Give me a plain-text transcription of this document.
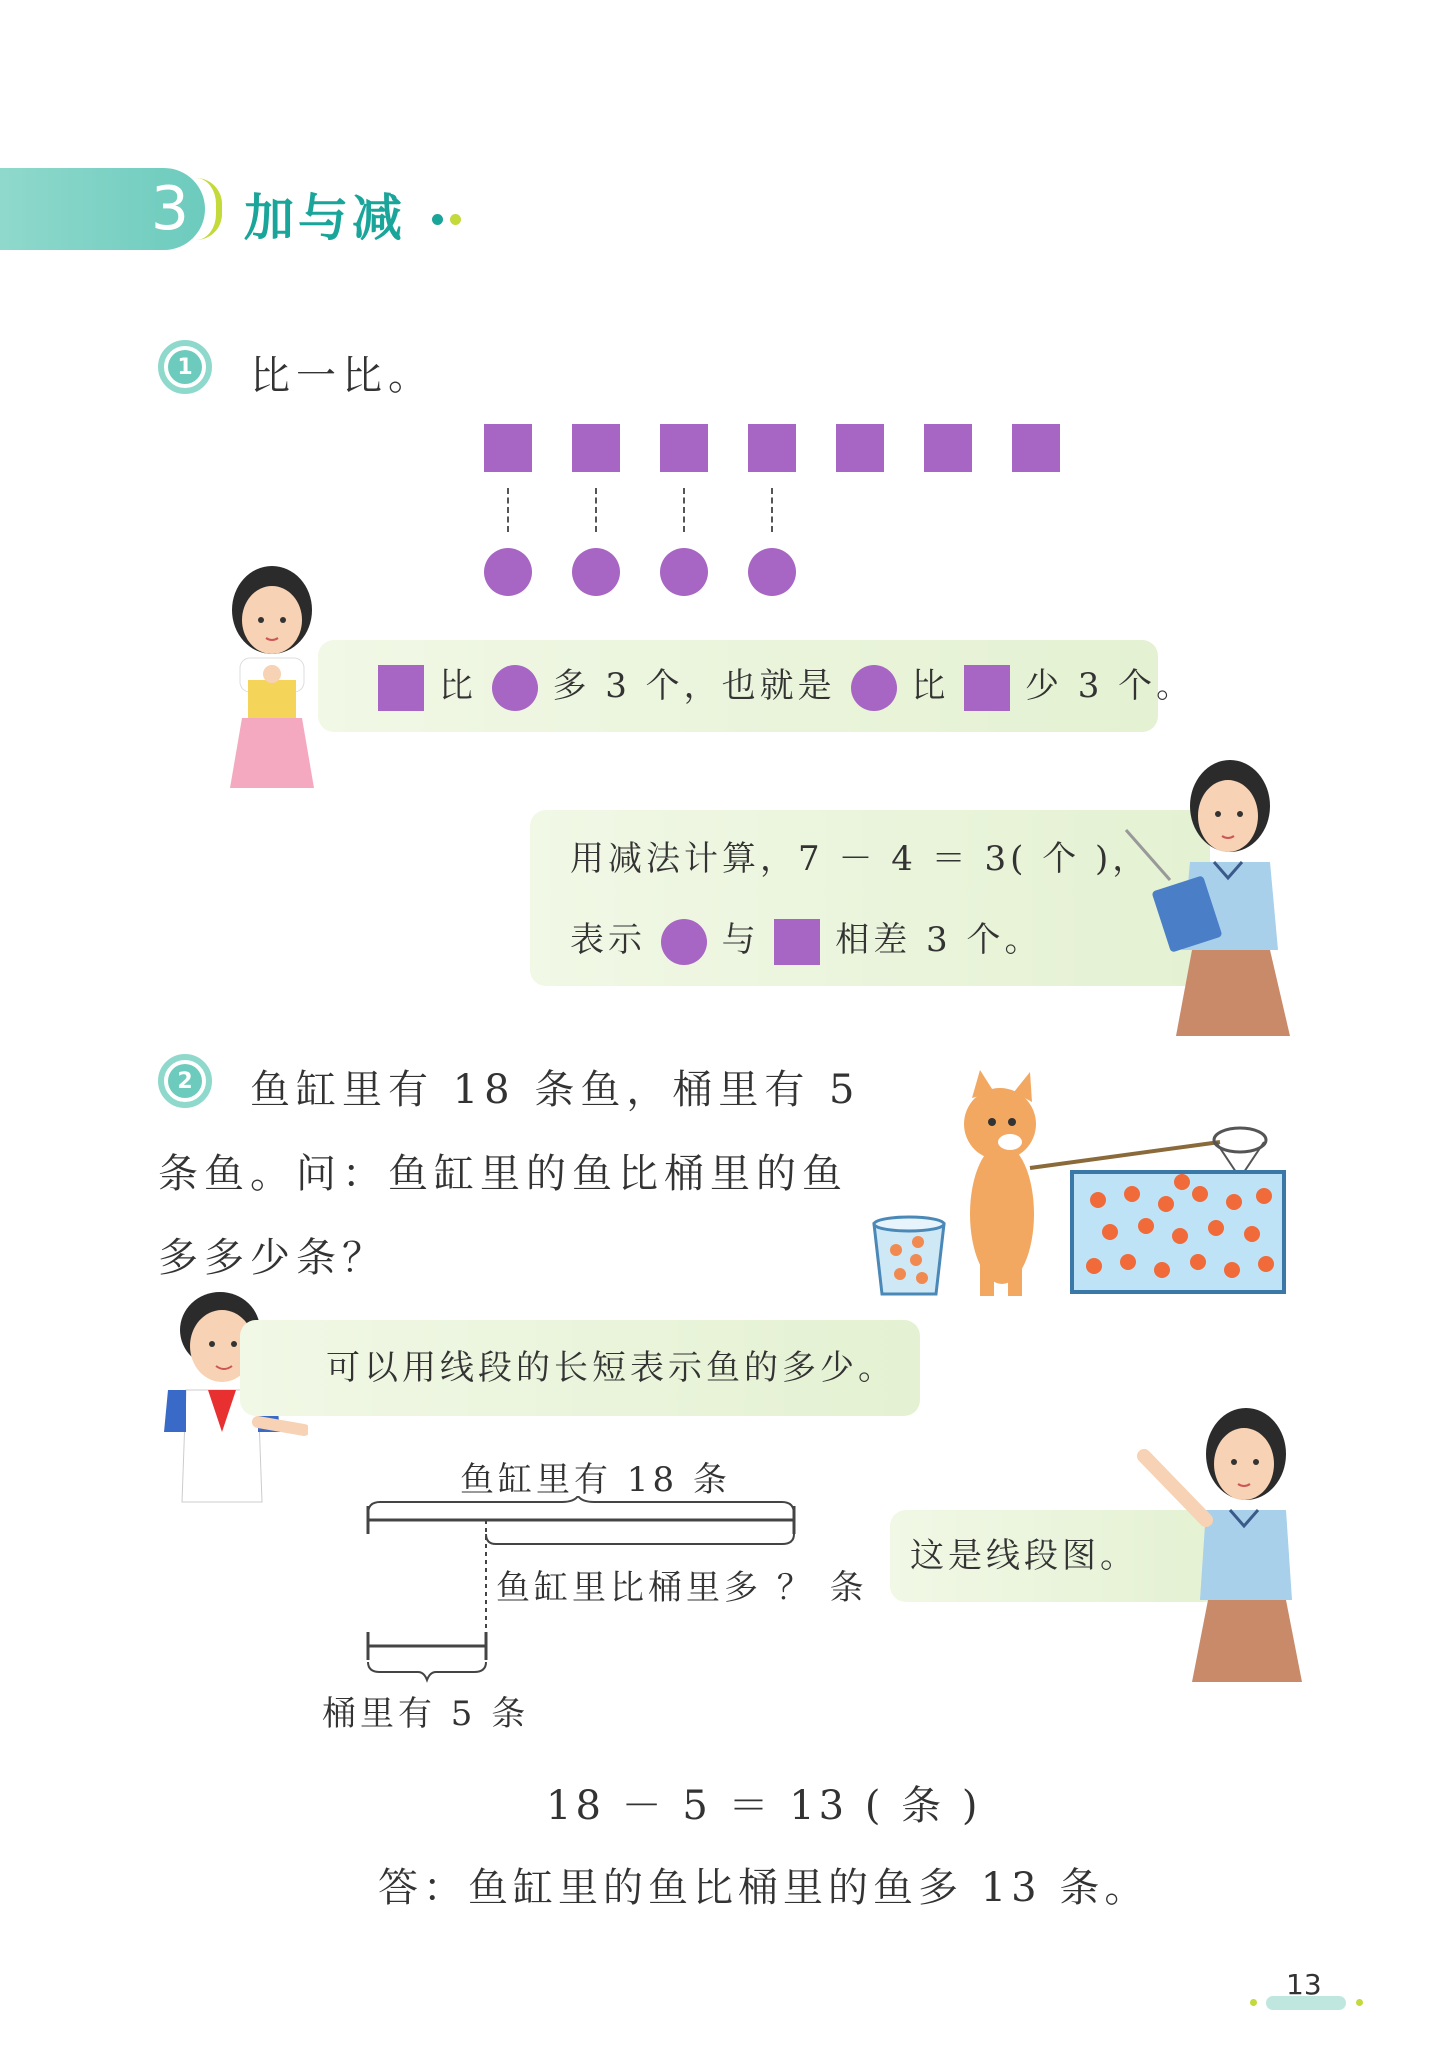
3 加与减
1 比一比。
比 多 3 个，也就是 比 少 3 个。
用减法计算，7 － 4 ＝ 3( 个 )，
表示 与 相差 3 个。
2 鱼缸里有 18 条鱼，桶里有 5
条鱼。问：鱼缸里的鱼比桶里的鱼
多多少条？
可以用线段的长短表示鱼的多少。
鱼缸里有 18 条
鱼缸里比桶里多 ？ 条
桶里有 5 条
这是线段图。
18 － 5 ＝ 13 ( 条 )
答：鱼缸里的鱼比桶里的鱼多 13 条。
13
